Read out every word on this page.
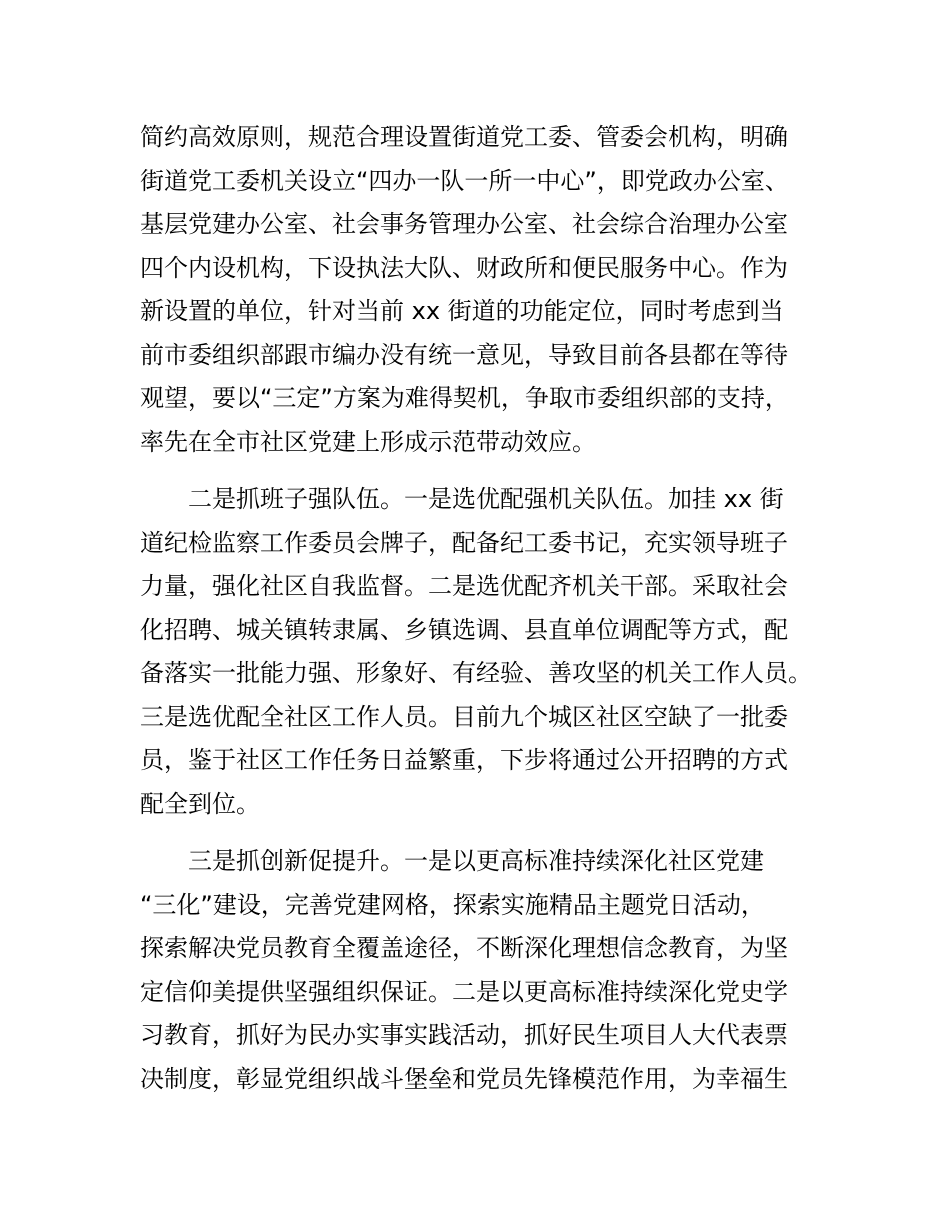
简约高效原则，规范合理设置街道党工委、管委会机构，明确
街道党工委机关设立“四办一队一所一中心”，即党政办公室、
基层党建办公室、社会事务管理办公室、社会综合治理办公室
四个内设机构，下设执法大队、财政所和便民服务中心。作为
新设置的单位，针对当前 xx 街道的功能定位，同时考虑到当
前市委组织部跟市编办没有统一意见，导致目前各县都在等待
观望，要以“三定”方案为难得契机，争取市委组织部的支持，
率先在全市社区党建上形成示范带动效应。
二是抓班子强队伍。一是选优配强机关队伍。加挂 xx 街
道纪检监察工作委员会牌子，配备纪工委书记，充实领导班子
力量，强化社区自我监督。二是选优配齐机关干部。采取社会
化招聘、城关镇转隶属、乡镇选调、县直单位调配等方式，配
备落实一批能力强、形象好、有经验、善攻坚的机关工作人员。
三是选优配全社区工作人员。目前九个城区社区空缺了一批委
员，鉴于社区工作任务日益繁重，下步将通过公开招聘的方式
配全到位。
三是抓创新促提升。一是以更高标准持续深化社区党建
“三化”建设，完善党建网格，探索实施精品主题党日活动，
探索解决党员教育全覆盖途径，不断深化理想信念教育，为坚
定信仰美提供坚强组织保证。二是以更高标准持续深化党史学
习教育，抓好为民办实事实践活动，抓好民生项目人大代表票
决制度，彰显党组织战斗堡垒和党员先锋模范作用，为幸福生
